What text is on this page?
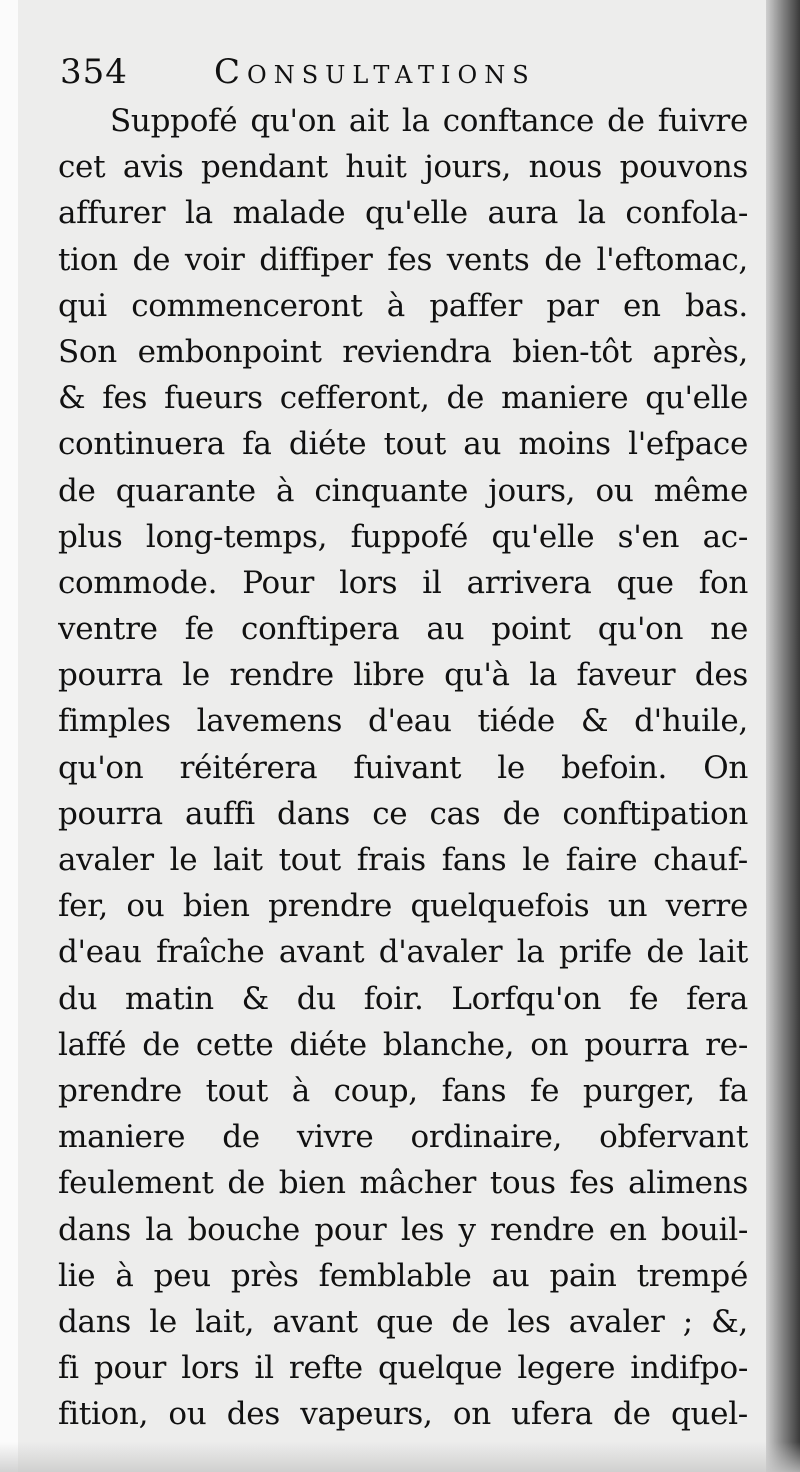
354	Consultations
Suppofé qu'on ait la conftance de fuivre
cet avis pendant huit jours, nous pouvons
affurer la malade qu'elle aura la confola-
tion de voir diffiper fes vents de l'eftomac,
qui commenceront à paffer par en bas.
Son embonpoint reviendra bien-tôt après,
& fes fueurs cefferont, de maniere qu'elle
continuera fa diéte tout au moins l'efpace
de quarante à cinquante jours, ou même
plus long-temps, fuppofé qu'elle s'en ac-
commode. Pour lors il arrivera que fon
ventre fe conftipera au point qu'on ne
pourra le rendre libre qu'à la faveur des
fimples lavemens d'eau tiéde & d'huile,
qu'on réitérera fuivant le befoin. On
pourra auffi dans ce cas de conftipation
avaler le lait tout frais fans le faire chauf-
fer, ou bien prendre quelquefois un verre
d'eau fraîche avant d'avaler la prife de lait
du matin & du foir. Lorfqu'on fe fera
laffé de cette diéte blanche, on pourra re-
prendre tout à coup, fans fe purger, fa
maniere de vivre ordinaire, obfervant
feulement de bien mâcher tous fes alimens
dans la bouche pour les y rendre en bouil-
lie à peu près femblable au pain trempé
dans le lait, avant que de les avaler ; &,
fi pour lors il refte quelque legere indifpo-
fition, ou des vapeurs, on ufera de quel-
